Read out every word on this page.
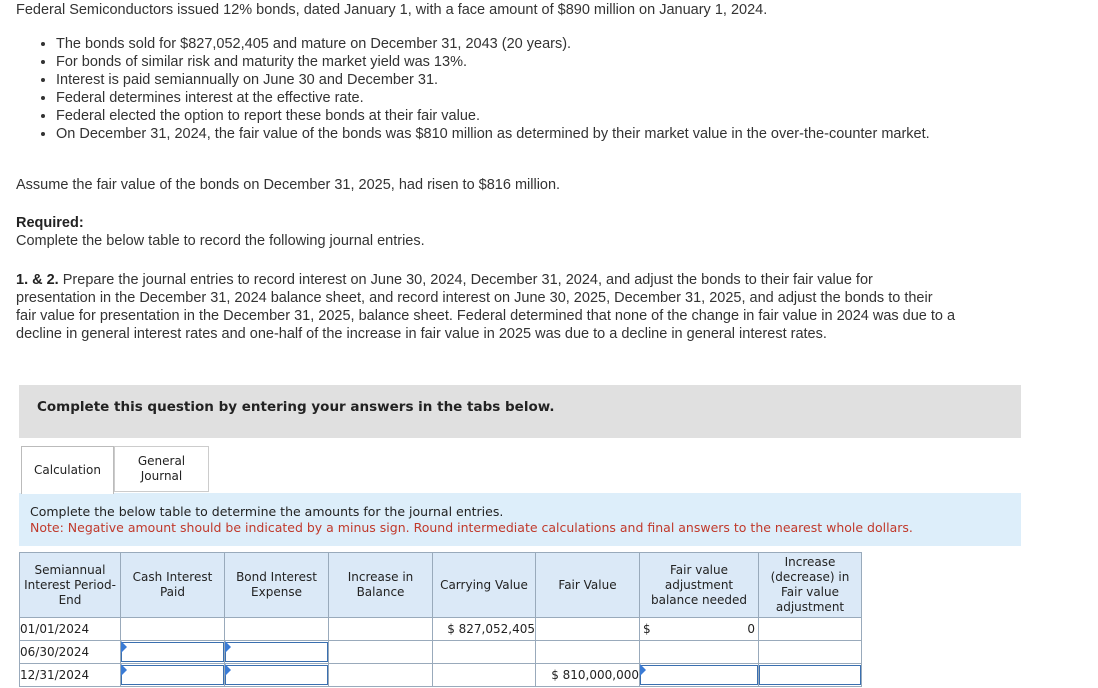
Federal Semiconductors issued 12% bonds, dated January 1, with a face amount of $890 million on January 1, 2024.
• The bonds sold for $827,052,405 and mature on December 31, 2043 (20 years).
• For bonds of similar risk and maturity the market yield was 13%.
• Interest is paid semiannually on June 30 and December 31.
• Federal determines interest at the effective rate.
• Federal elected the option to report these bonds at their fair value.
• On December 31, 2024, the fair value of the bonds was $810 million as determined by their market value in the over-the-counter market.
Assume the fair value of the bonds on December 31, 2025, had risen to $816 million.
Required:
Complete the below table to record the following journal entries.
1. & 2. Prepare the journal entries to record interest on June 30, 2024, December 31, 2024, and adjust the bonds to their fair value for presentation in the December 31, 2024 balance sheet, and record interest on June 30, 2025, December 31, 2025, and adjust the bonds to their fair value for presentation in the December 31, 2025, balance sheet. Federal determined that none of the change in fair value in 2024 was due to a decline in general interest rates and one-half of the increase in fair value in 2025 was due to a decline in general interest rates.
Complete this question by entering your answers in the tabs below.
Calculation
General Journal
Complete the below table to determine the amounts for the journal entries.
Note: Negative amount should be indicated by a minus sign. Round intermediate calculations and final answers to the nearest whole dollars.
Semiannual Interest Period-End	Cash Interest Paid	Bond Interest Expense	Increase in Balance	Carrying Value	Fair Value	Fair value adjustment balance needed	Increase (decrease) in Fair value adjustment
01/01/2024				$ 827,052,405		$ 0	

06/30/2024	

12/31/2024					$ 810,000,000	
